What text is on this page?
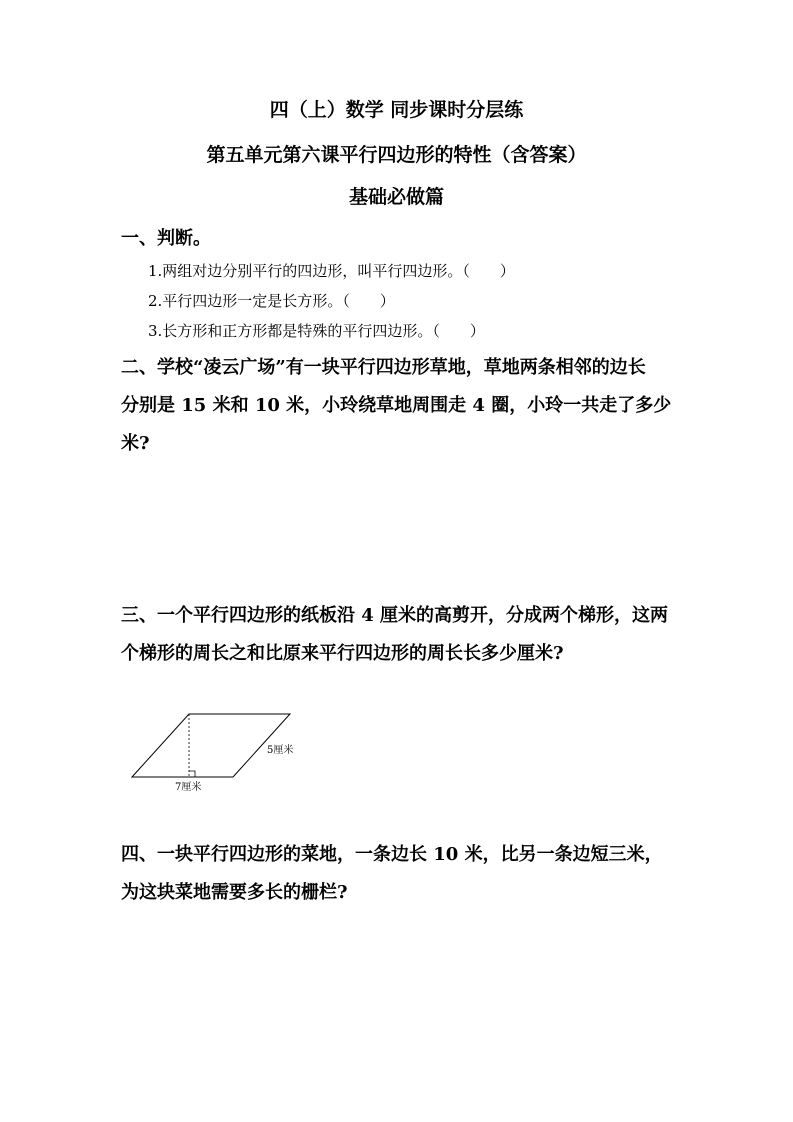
四（上）数学 同步课时分层练
第五单元第六课平行四边形的特性（含答案）
基础必做篇
一、判断。
1.两组对边分别平行的四边形，叫平行四边形。（　　）
2.平行四边形一定是长方形。（　　）
3.长方形和正方形都是特殊的平行四边形。（　　）
二、学校“凌云广场”有一块平行四边形草地，草地两条相邻的边长
分别是 15 米和 10 米，小玲绕草地周围走 4 圈，小玲一共走了多少
米?
三、一个平行四边形的纸板沿 4 厘米的高剪开，分成两个梯形，这两
个梯形的周长之和比原来平行四边形的周长长多少厘米?
5厘米
7厘米
四、一块平行四边形的菜地，一条边长 10 米，比另一条边短三米，
为这块菜地需要多长的栅栏?
